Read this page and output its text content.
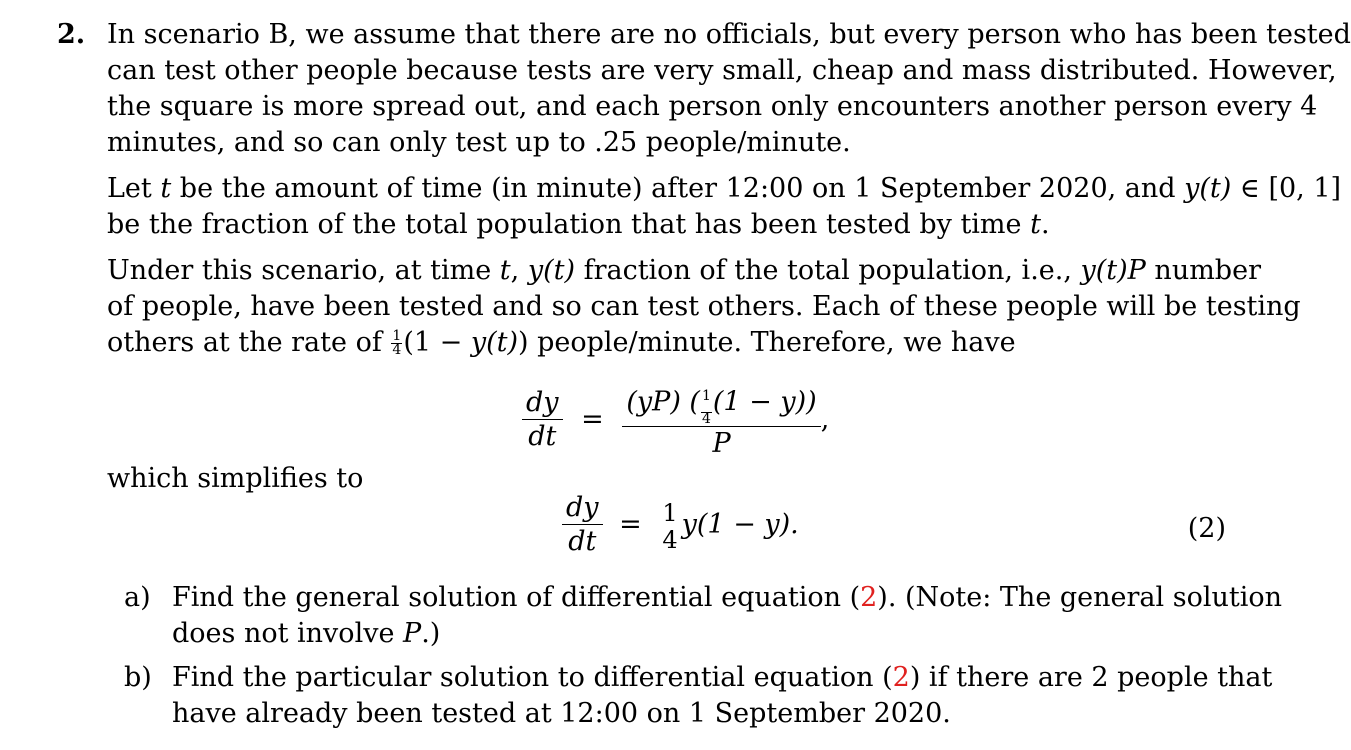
2. In scenario B, we assume that there are no officials, but every person who has been tested
can test other people because tests are very small, cheap and mass distributed. However,
the square is more spread out, and each person only encounters another person every 4
minutes, and so can only test up to .25 people/minute.
Let t be the amount of time (in minute) after 12:00 on 1 September 2020, and y(t) ∈ [0, 1]
be the fraction of the total population that has been tested by time t.
Under this scenario, at time t, y(t) fraction of the total population, i.e., y(t)P number
of people, have been tested and so can test others. Each of these people will be testing
others at the rate of $\frac{1}{4} (1 - y(t))$ people/minute. Therefore, we have
$\frac{dy}{dt} = \frac{(yP) ( \frac{1}{4} (1 - y))}{P}$ ,
which simplifies to
$\frac{dy}{dt} = 1$
4 y(1 − y).	(2)
a) Find the general solution of differential equation (2). (Note: The general solution
does not involve P.)
b) Find the particular solution to differential equation (2) if there are 2 people that
have already been tested at 12:00 on 1 September 2020.
